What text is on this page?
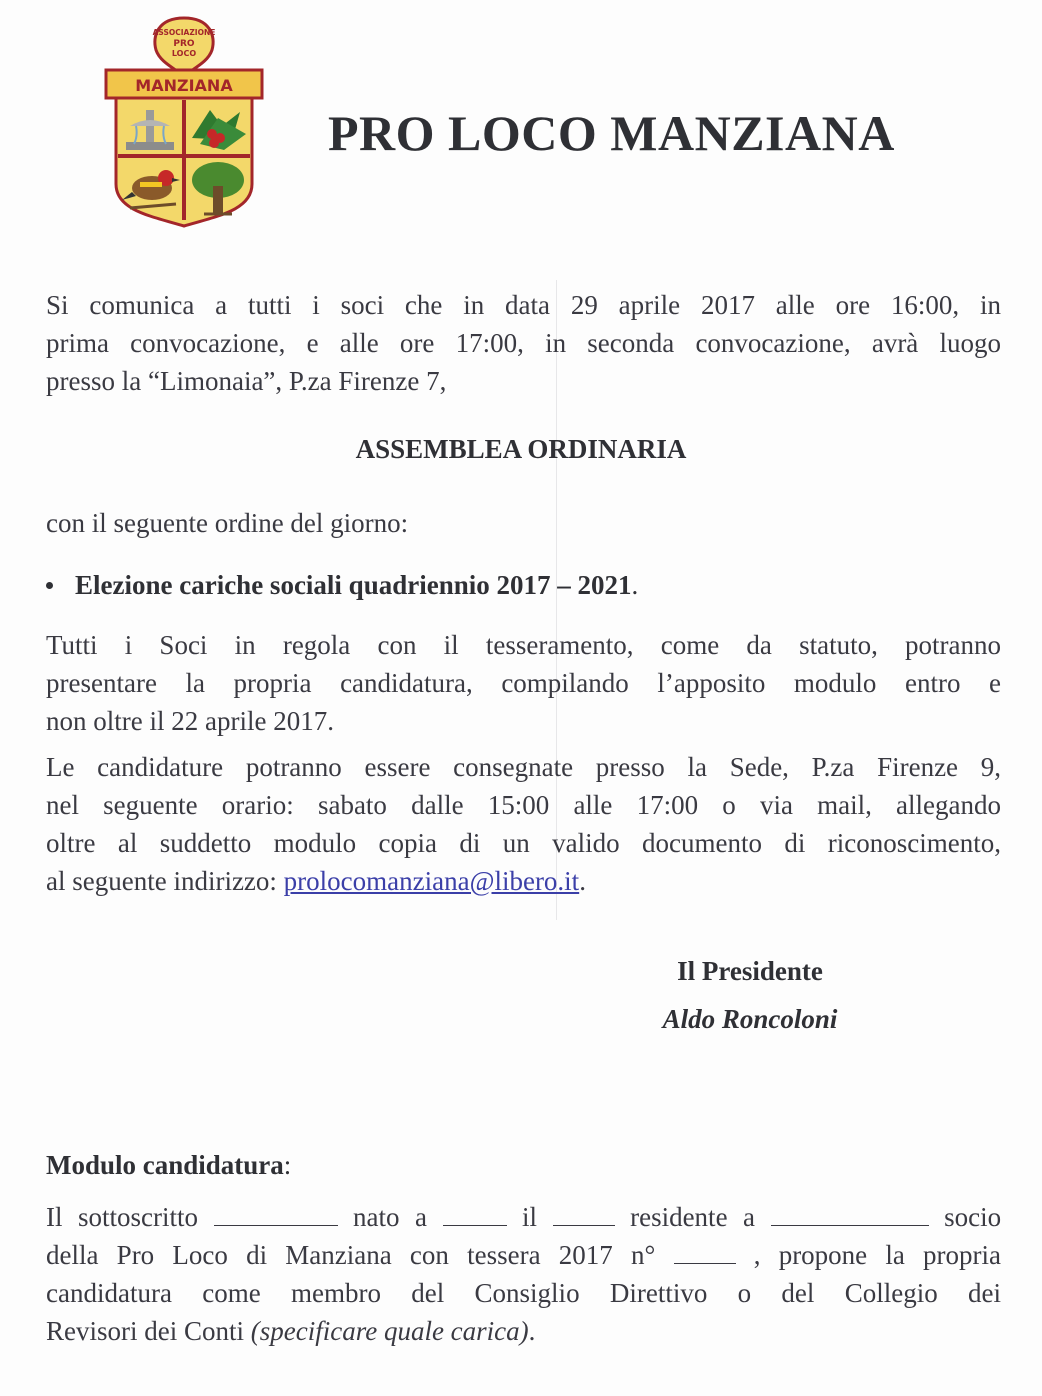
ASSOCIAZIONE
PRO
LOCO
MANZIANA
PRO LOCO MANZIANA

Si comunica a tutti i soci che in data 29 aprile 2017 alle ore 16:00, in
prima convocazione, e alle ore 17:00, in seconda convocazione, avrà luogo
presso la “Limonaia”, P.za Firenze 7,

ASSEMBLEA ORDINARIA

con il seguente ordine del giorno:

Elezione cariche sociali quadriennio 2017 – 2021.

Tutti i Soci in regola con il tesseramento, come da statuto, potranno
presentare la propria candidatura, compilando l’apposito modulo entro e
non oltre il 22 aprile 2017.

Le candidature potranno essere consegnate presso la Sede, P.za Firenze 9,
nel seguente orario: sabato dalle 15:00 alle 17:00 o via mail, allegando
oltre al suddetto modulo copia di un valido documento di riconoscimento,
al seguente indirizzo: prolocomanziana@libero.it.

Il Presidente

Aldo Roncoloni

Modulo candidatura:

Il sottoscritto	nato a	il	residente a	socio
della Pro Loco di Manziana con tessera 2017 n°	, propone la propria
candidatura come membro del Consiglio Direttivo o del Collegio dei
Revisori dei Conti (specificare quale carica).
